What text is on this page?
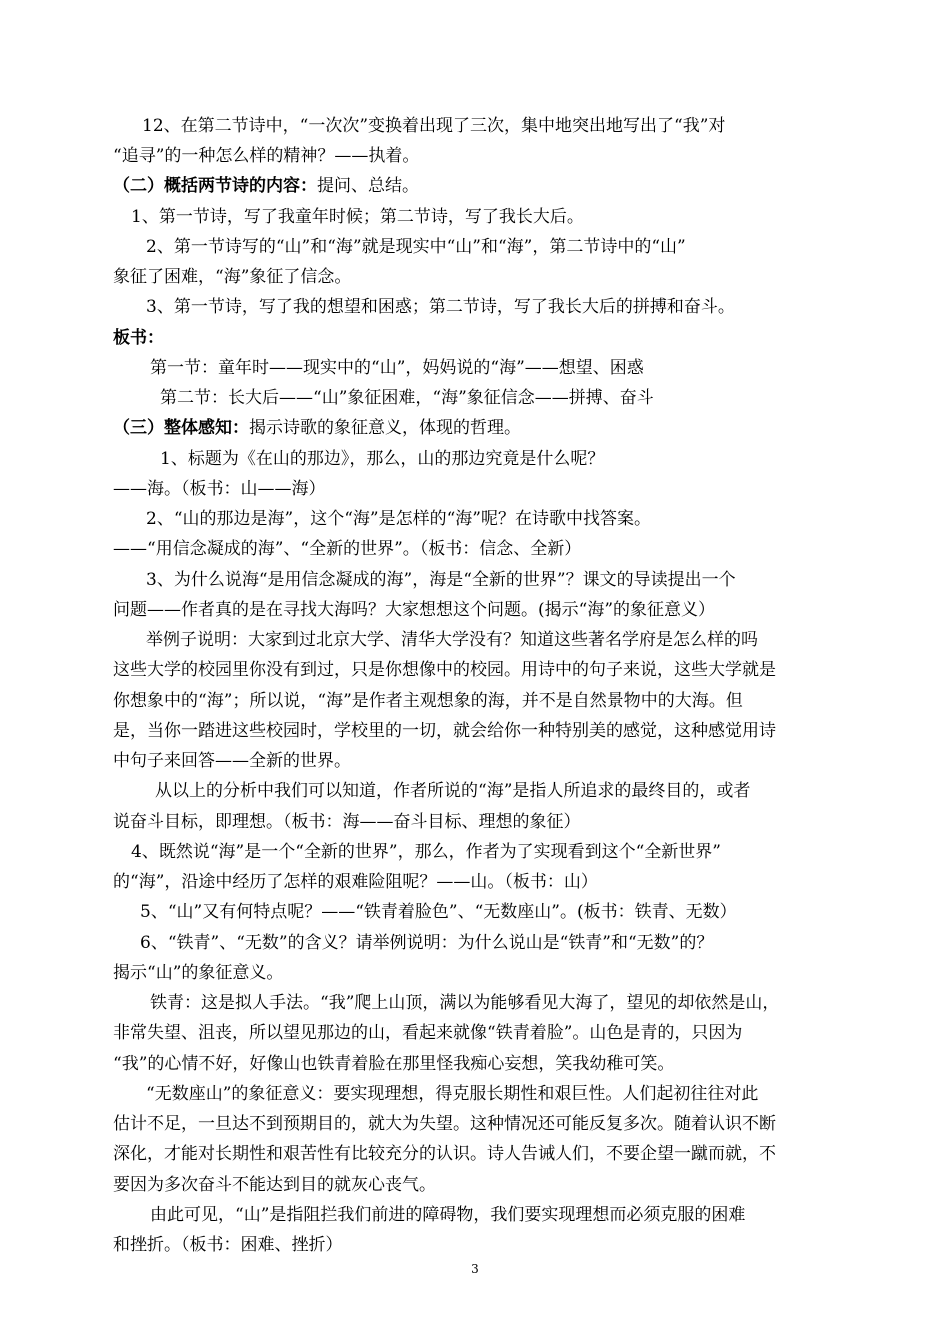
12、在第二节诗中，“一次次”变换着出现了三次，集中地突出地写出了“我”对
“追寻”的一种怎么样的精神？——执着。
（二）概括两节诗的内容：提问、总结。
1、第一节诗，写了我童年时候；第二节诗，写了我长大后。
2、第一节诗写的“山”和“海”就是现实中“山”和“海”，第二节诗中的“山”
象征了困难，“海”象征了信念。
3、第一节诗，写了我的想望和困惑；第二节诗，写了我长大后的拼搏和奋斗。
板书：
第一节：童年时——现实中的“山”，妈妈说的“海”——想望、困惑
第二节：长大后——“山”象征困难，“海”象征信念——拼搏、奋斗
（三）整体感知：揭示诗歌的象征意义，体现的哲理。
1、标题为《在山的那边》，那么，山的那边究竟是什么呢？
——海。（板书：山——海）
2、“山的那边是海”，这个“海”是怎样的“海”呢？在诗歌中找答案。
——“用信念凝成的海”、“全新的世界”。（板书：信念、全新）
3、为什么说海“是用信念凝成的海”，海是“全新的世界”？课文的导读提出一个
问题——作者真的是在寻找大海吗？大家想想这个问题。(揭示“海”的象征意义）
举例子说明：大家到过北京大学、清华大学没有？知道这些著名学府是怎么样的吗
这些大学的校园里你没有到过，只是你想像中的校园。用诗中的句子来说，这些大学就是
你想象中的“海”；所以说，“海”是作者主观想象的海，并不是自然景物中的大海。但
是，当你一踏进这些校园时，学校里的一切，就会给你一种特别美的感觉，这种感觉用诗
中句子来回答——全新的世界。
从以上的分析中我们可以知道，作者所说的“海”是指人所追求的最终目的，或者
说奋斗目标，即理想。（板书：海——奋斗目标、理想的象征）
4、既然说“海”是一个“全新的世界”，那么，作者为了实现看到这个“全新世界”
的“海”，沿途中经历了怎样的艰难险阻呢？——山。（板书：山）
5、“山”又有何特点呢？——“铁青着脸色”、“无数座山”。(板书：铁青、无数）
6、“铁青”、“无数”的含义？请举例说明：为什么说山是“铁青”和“无数”的？
揭示“山”的象征意义。
铁青：这是拟人手法。“我”爬上山顶，满以为能够看见大海了，望见的却依然是山，
非常失望、沮丧，所以望见那边的山，看起来就像“铁青着脸”。山色是青的，只因为
“我”的心情不好，好像山也铁青着脸在那里怪我痴心妄想，笑我幼稚可笑。
“无数座山”的象征意义：要实现理想，得克服长期性和艰巨性。人们起初往往对此
估计不足，一旦达不到预期目的，就大为失望。这种情况还可能反复多次。随着认识不断
深化，才能对长期性和艰苦性有比较充分的认识。诗人告诫人们，不要企望一蹴而就，不
要因为多次奋斗不能达到目的就灰心丧气。
由此可见，“山”是指阻拦我们前进的障碍物，我们要实现理想而必须克服的困难
和挫折。（板书：困难、挫折）
3
